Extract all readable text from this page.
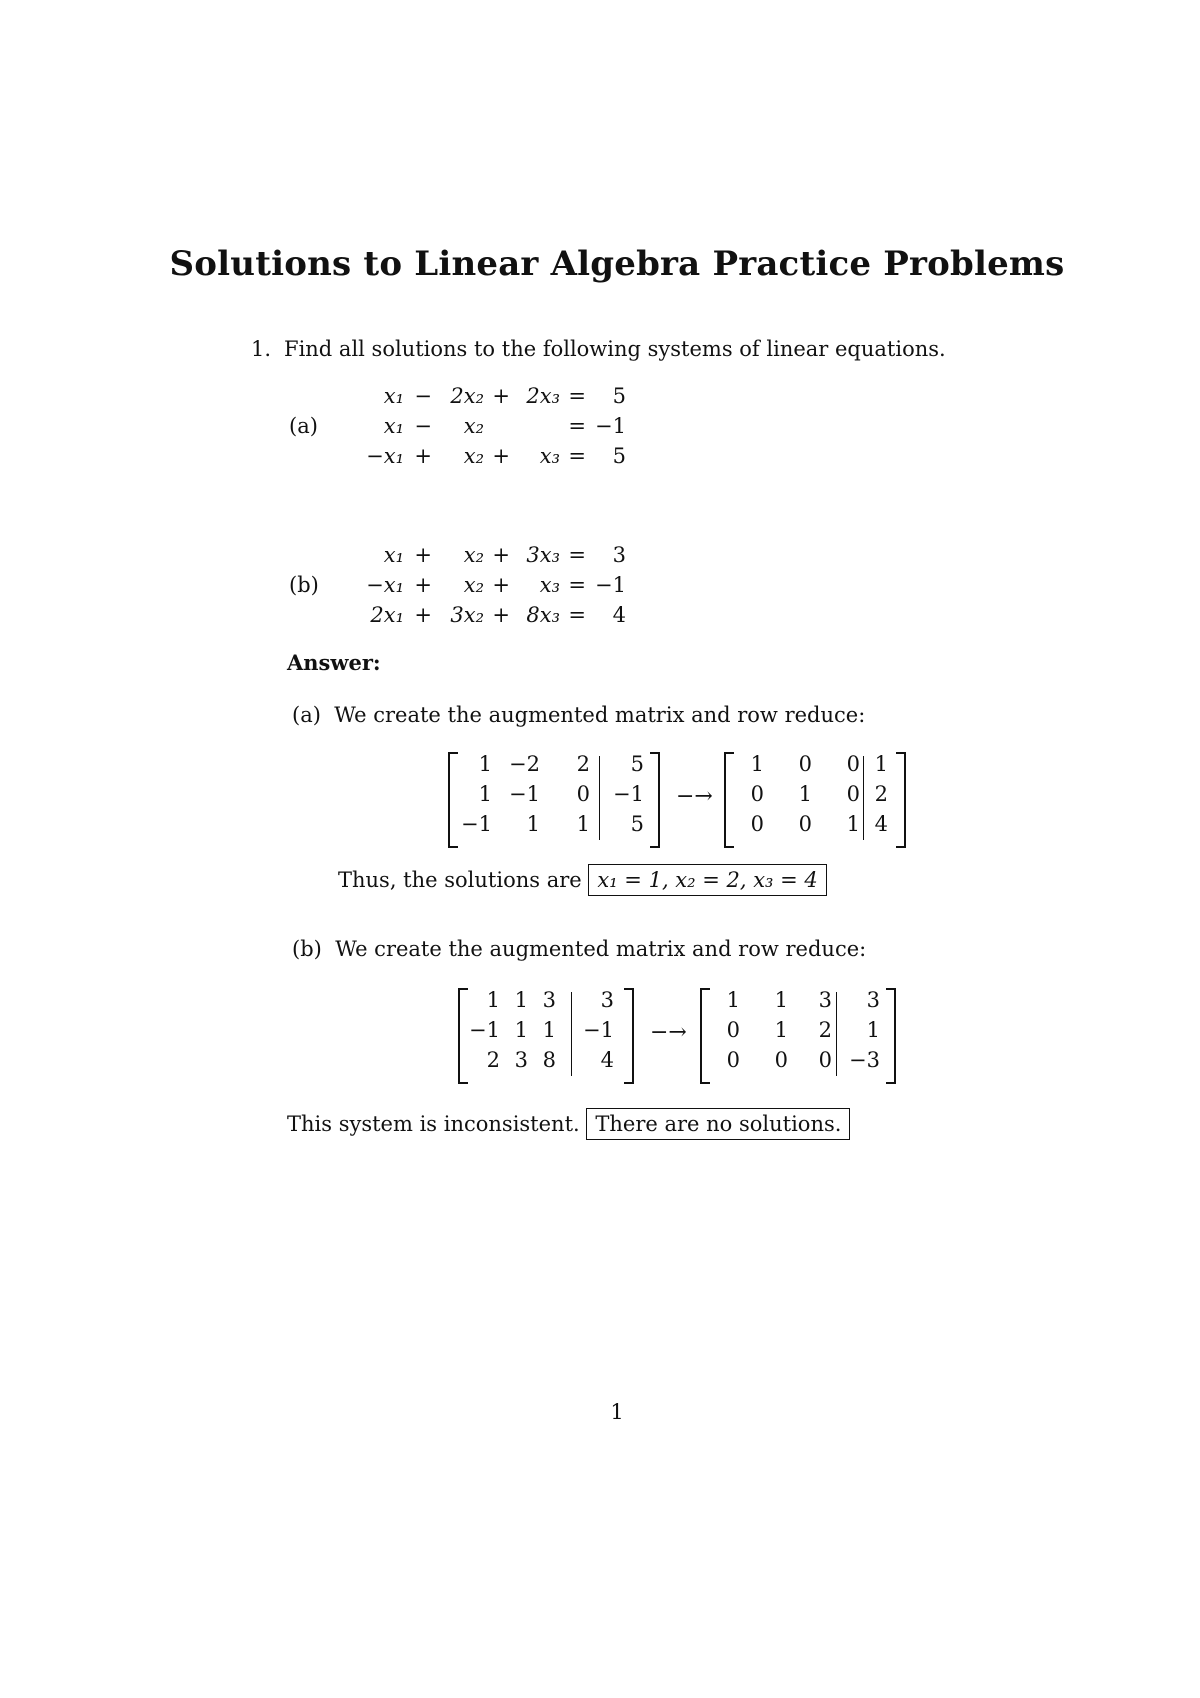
Solutions to Linear Algebra Practice Problems
1. Find all solutions to the following systems of linear equations.
(a)
x₁ − 2x₂ + 2x₃ =	5
x₁ −	x₂	= −1
−x₁ +	x₂ +	x₃ =	5
(b)
x₁ +	x₂ + 3x₃ =	3
−x₁ +	x₂ +	x₃ = −1
2x₁ + 3x₂ + 8x₃ =	4
Answer:
(a) We create the augmented matrix and row reduce:
1 −2	2	5
1 −1	0 −1
−1	1	1	5
−→
1	0	0 1
0	1	0 2
0	0	1 4
Thus, the solutions are x₁ = 1, x₂ = 2, x₃ = 4
(b) We create the augmented matrix and row reduce:
1 1 3	3
−1 1 1 −1
2 3 8	4
−→
1	1	3	3
0	1	2	1
0	0	0 −3
This system is inconsistent. There are no solutions.
1
